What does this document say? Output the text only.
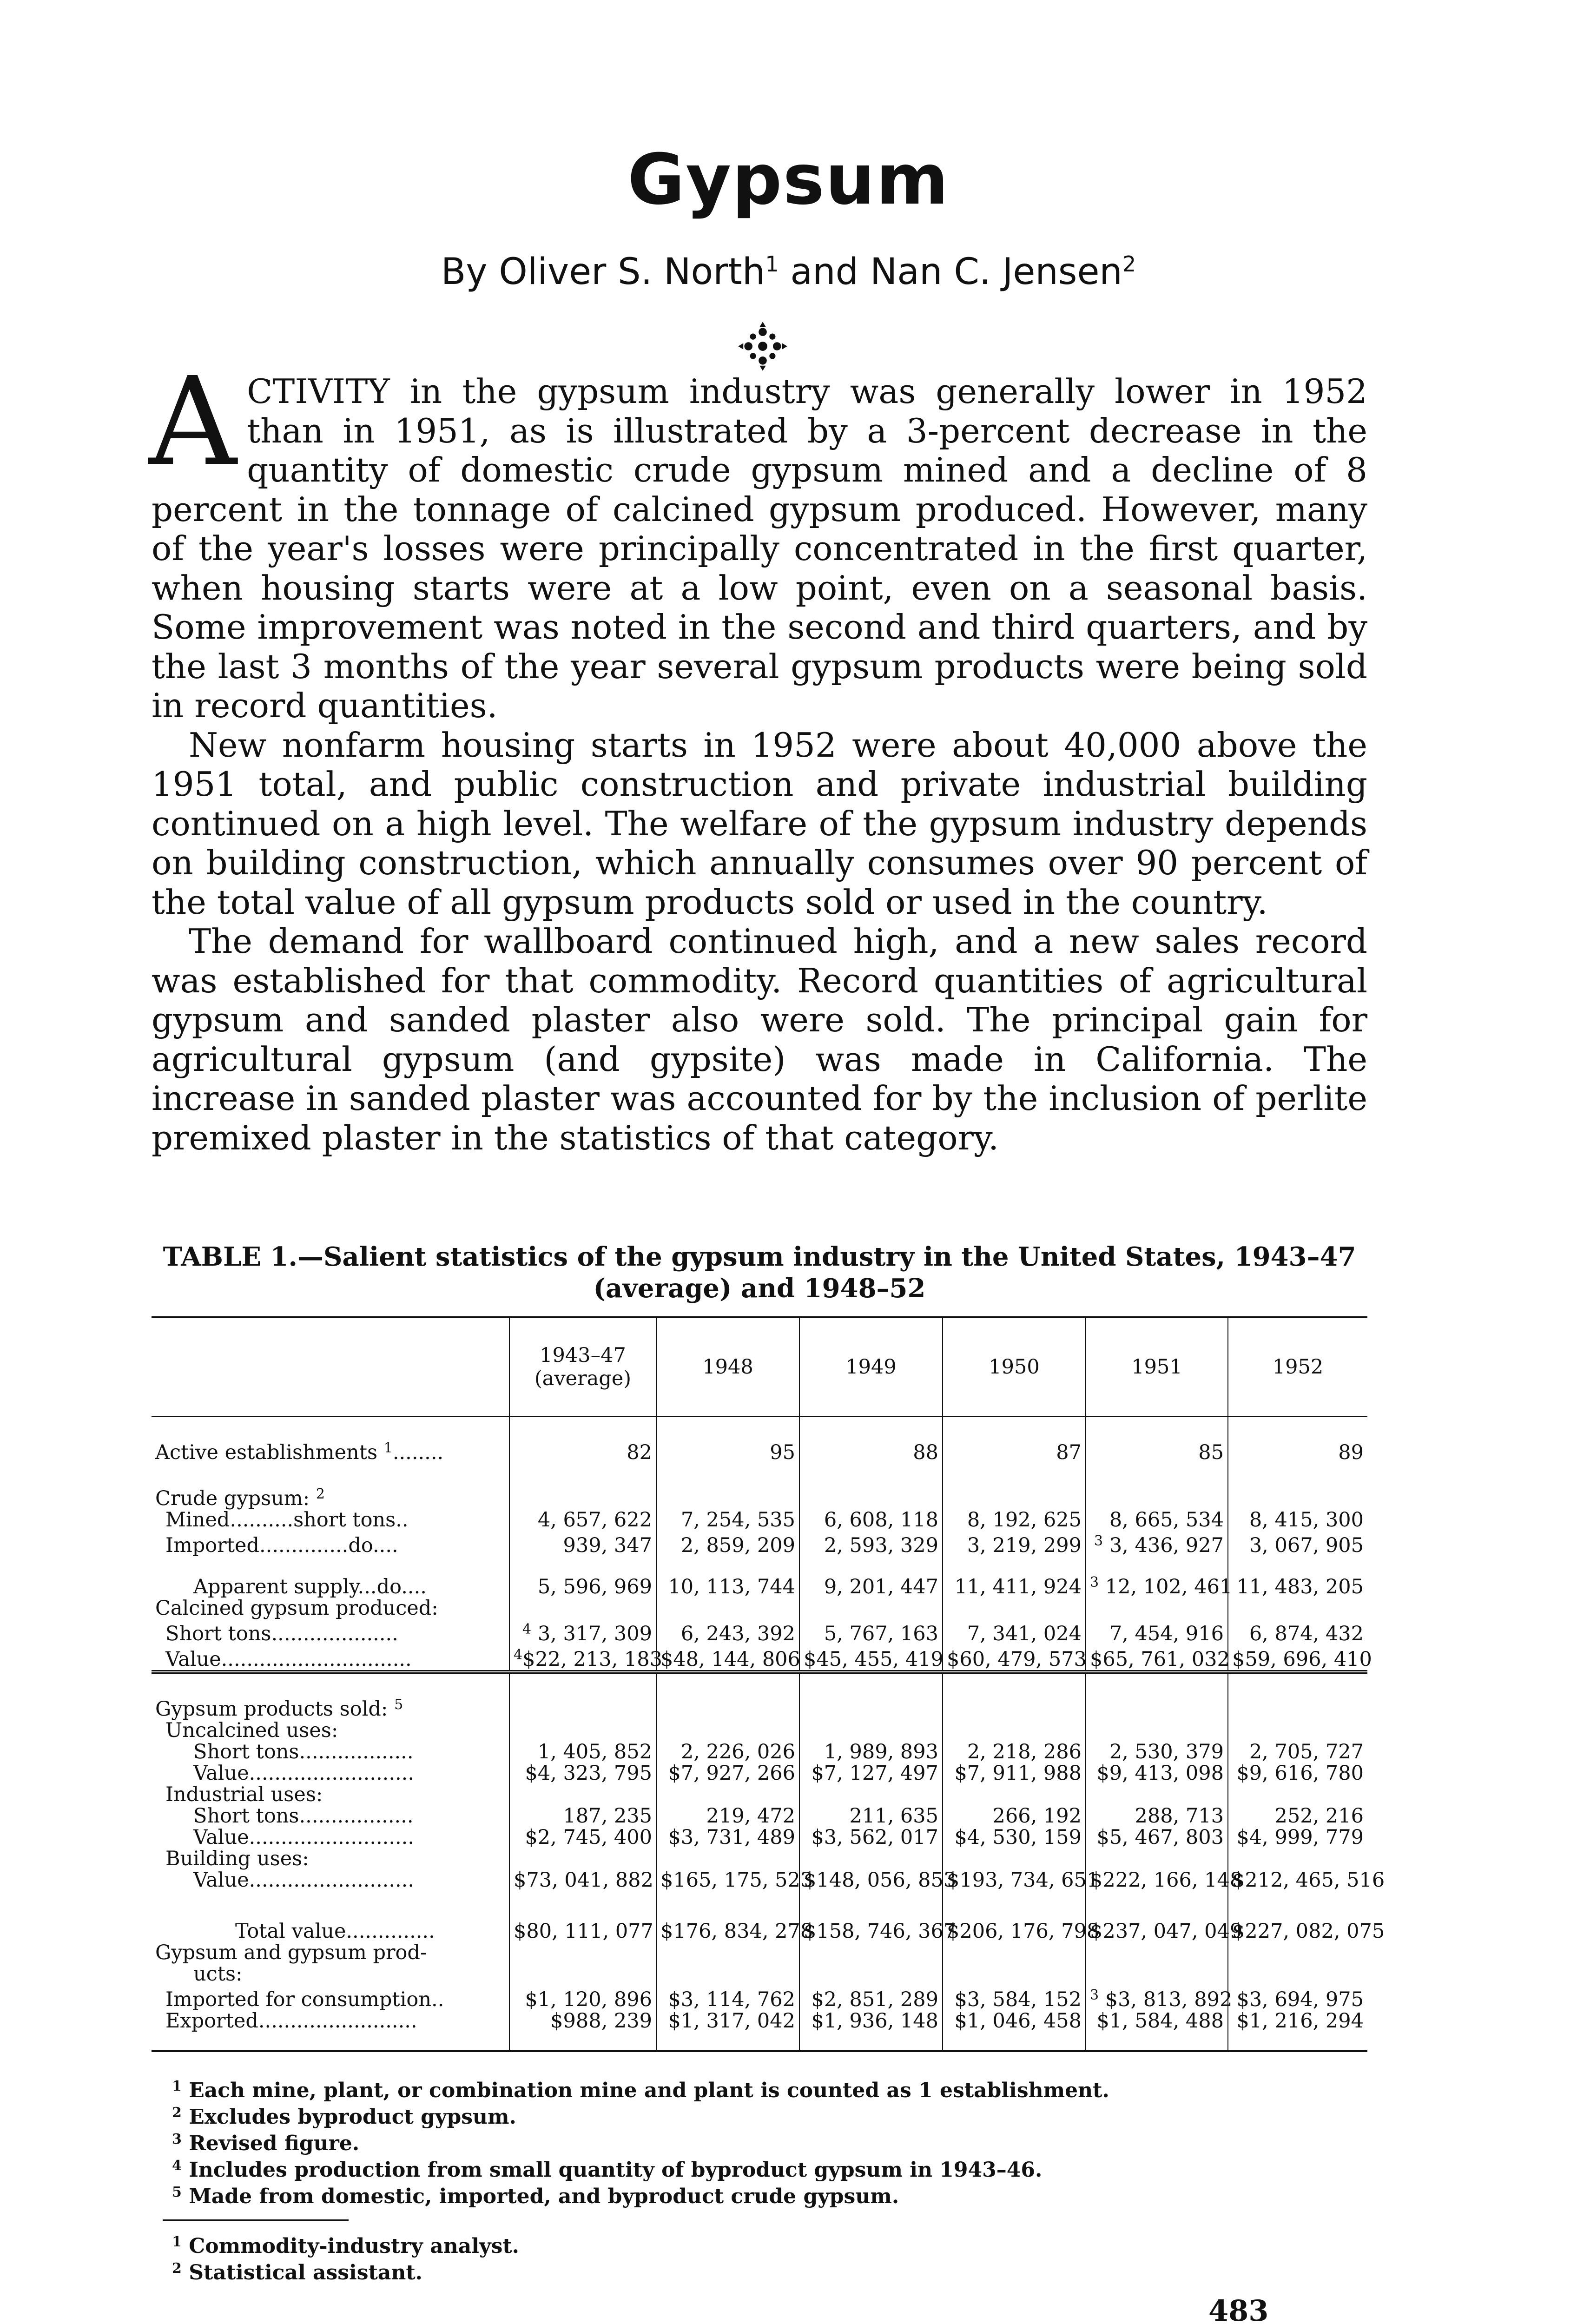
Gypsum
By Oliver S. North$^1$ and Nan C. Jensen$^2$

ACTIVITY in the gypsum industry was generally lower in 1952 than in 1951, as is illustrated by a 3-percent decrease in the quantity of domestic crude gypsum mined and a decline of 8 percent in the tonnage of calcined gypsum produced. However, many of the year's losses were principally concentrated in the first quarter, when housing starts were at a low point, even on a seasonal basis. Some improvement was noted in the second and third quarters, and by the last 3 months of the year several gypsum products were being sold in record quantities.

New nonfarm housing starts in 1952 were about 40,000 above the 1951 total, and public construction and private industrial building continued on a high level. The welfare of the gypsum industry depends on building construction, which annually consumes over 90 percent of the total value of all gypsum products sold or used in the country.

The demand for wallboard continued high, and a new sales record was established for that commodity. Record quantities of agricultural gypsum and sanded plaster also were sold. The principal gain for agricultural gypsum (and gypsite) was made in California. The increase in sanded plaster was accounted for by the inclusion of perlite premixed plaster in the statistics of that category.

TABLE 1.—Salient statistics of the gypsum industry in the United States, 1943–47
(average) and 1948–52
	1943–47
(average)	1948	1949	1950	1951	1952

Active establishments $^1$........	82	95	88	87	85	89

Crude gypsum: $^2$						
Mined..........short tons..	4, 657, 622	7, 254, 535	6, 608, 118	8, 192, 625	8, 665, 534	8, 415, 300
Imported..............do....	939, 347	2, 859, 209	2, 593, 329	3, 219, 299	$^3$ 3, 436, 927	3, 067, 905

Apparent supply...do....	5, 596, 969	10, 113, 744	9, 201, 447	11, 411, 924	$^3$ 12, 102, 461	11, 483, 205
Calcined gypsum produced:						
Short tons....................	$^4$ 3, 317, 309	6, 243, 392	5, 767, 163	7, 341, 024	7, 454, 916	6, 874, 432
Value..............................	$^4$\$22, 213, 183	$48, 144, 806	$45, 455, 419	$60, 479, 573	$65, 761, 032	$59, 696, 410

Gypsum products sold: $^5$						
Uncalcined uses:						
Short tons..................	1, 405, 852	2, 226, 026	1, 989, 893	2, 218, 286	2, 530, 379	2, 705, 727
Value..........................	$4, 323, 795	$7, 927, 266	$7, 127, 497	$7, 911, 988	$9, 413, 098	$9, 616, 780
Industrial uses:						
Short tons..................	187, 235	219, 472	211, 635	266, 192	288, 713	252, 216
Value..........................	$2, 745, 400	$3, 731, 489	$3, 562, 017	$4, 530, 159	$5, 467, 803	$4, 999, 779
Building uses:						
Value..........................	$73, 041, 882	$165, 175, 523	$148, 056, 853	$193, 734, 651	$222, 166, 148	$212, 465, 516

Total value..............	$80, 111, 077	$176, 834, 278	$158, 746, 367	$206, 176, 798	$237, 047, 049	$227, 082, 075
Gypsum and gypsum prod-						
ucts:						
Imported for consumption..	$1, 120, 896	$3, 114, 762	$2, 851, 289	$3, 584, 152	$^3$ $3, 813, 892	$3, 694, 975
Exported.........................	$988, 239	$1, 317, 042	$1, 936, 148	$1, 046, 458	$1, 584, 488	$1, 216, 294

$^1$ Each mine, plant, or combination mine and plant is counted as 1 establishment.
$^2$ Excludes byproduct gypsum.
$^3$ Revised figure.
$^4$ Includes production from small quantity of byproduct gypsum in 1943–46.
$^5$ Made from domestic, imported, and byproduct crude gypsum.
$^1$ Commodity-industry analyst.
$^2$ Statistical assistant.
483
